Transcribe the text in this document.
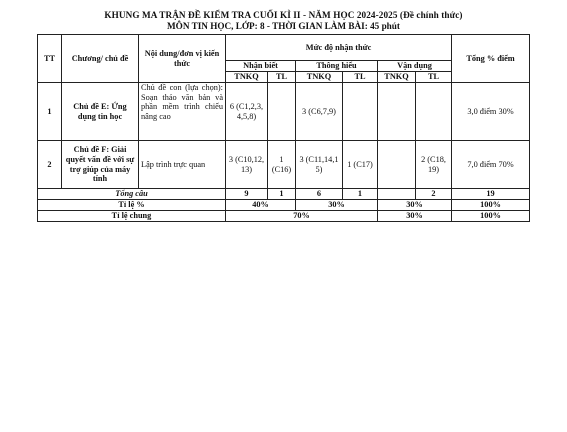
KHUNG MA TRẬN ĐỀ KIỂM TRA CUỐI KÌ II - NĂM HỌC 2024-2025 (Đề chính thức)
MÔN TIN HỌC, LỚP: 8 - THỜI GIAN LÀM BÀI: 45 phút
TT	Chương/ chủ đề	Nội dung/đơn vị kiến thức	Mức độ nhận thức						Tổng % điểm
			Nhận biết		Thông hiểu		Vận dụng		
			TNKQ	TL	TNKQ	TL	TNKQ	TL	
1	Chủ đề E: Ứng dụng tin học	Chủ đề con (lựa chọn): Soạn thảo văn bản và phần mềm trình chiếu nâng cao	6 (C1,2,3, 4,5,8)		3 (C6,7,9)				3,0 điểm 30%
2	Chủ đề F: Giải quyết vấn đề với sự trợ giúp của máy tính	Lập trình trực quan	3 (C10,12, 13)	1 (C16)	3 (C11,14,1 5)	1 (C17)		2 (C18, 19)	7,0 điểm 70%
Tổng câu			9	1	6	1		2	19
Tỉ lệ %			40%		30%		30%		100%
Tỉ lệ chung			70%				30%		100%
